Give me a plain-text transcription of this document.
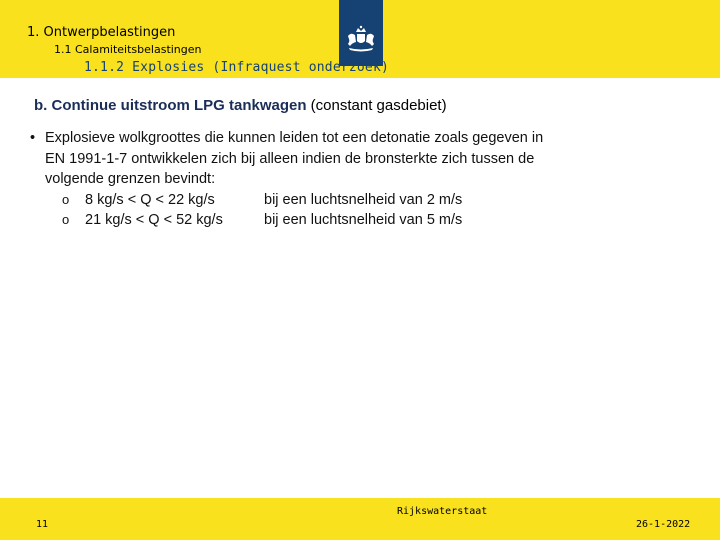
1. Ontwerpbelastingen
1.1 Calamiteitsbelastingen
1.1.2 Explosies (Infraquest onderzoek)
b. Continue uitstroom LPG tankwagen (constant gasdebiet)
• Explosieve wolkgroottes die kunnen leiden tot een detonatie zoals gegeven in
EN 1991-1-7 ontwikkelen zich bij alleen indien de bronsterkte zich tussen de
volgende grenzen bevindt:
o 8 kg/s < Q < 22 kg/s	bij een luchtsnelheid van 2 m/s
o 21 kg/s < Q < 52 kg/s	bij een luchtsnelheid van 5 m/s
11
Rijkswaterstaat
26-1-2022
